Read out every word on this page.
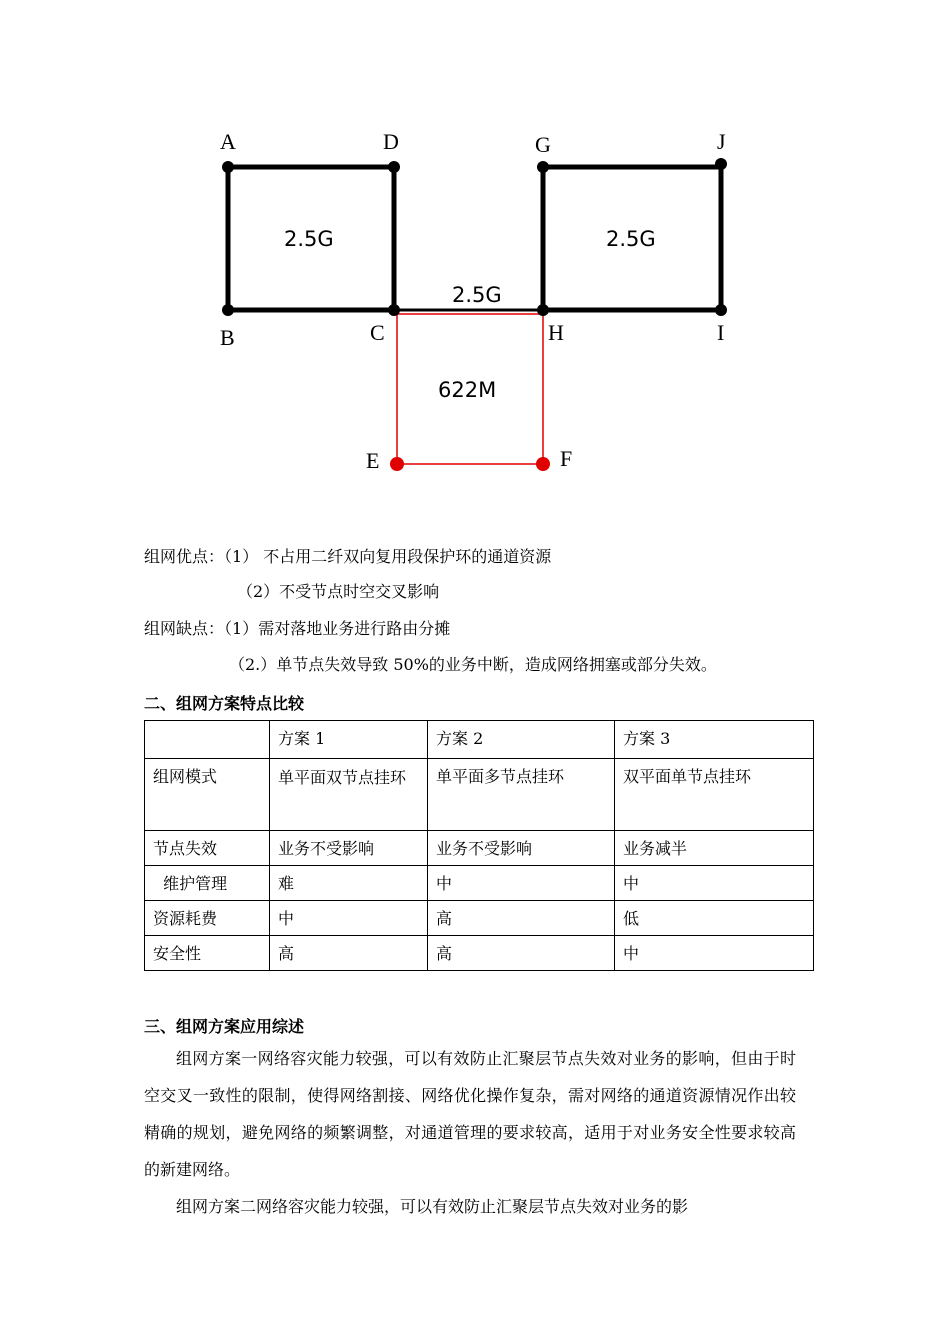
A	D	G	J
B	C	H	I
E	F
2.5G	2.5G
2.5G
622M
组网优点：（1） 不占用二纤双向复用段保护环的通道资源
（2）不受节点时空交叉影响
组网缺点：（1）需对落地业务进行路由分摊
（2.）单节点失效导致 50%的业务中断，造成网络拥塞或部分失效。
二、组网方案特点比较
	方案 1	方案 2	方案 3
组网模式	单平面双节点挂环	单平面多节点挂环	双平面单节点挂环
节点失效	业务不受影响	业务不受影响	业务减半
维护管理	难	中	中
资源耗费	中	高	低
安全性	高	高	中
三、组网方案应用综述
组网方案一网络容灾能力较强，可以有效防止汇聚层节点失效对业务的影响，但由于时空交叉一致性的限制，使得网络割接、网络优化操作复杂，需对网络的通道资源情况作出较精确的规划，避免网络的频繁调整，对通道管理的要求较高，适用于对业务安全性要求较高的新建网络。
组网方案二网络容灾能力较强，可以有效防止汇聚层节点失效对业务的影
